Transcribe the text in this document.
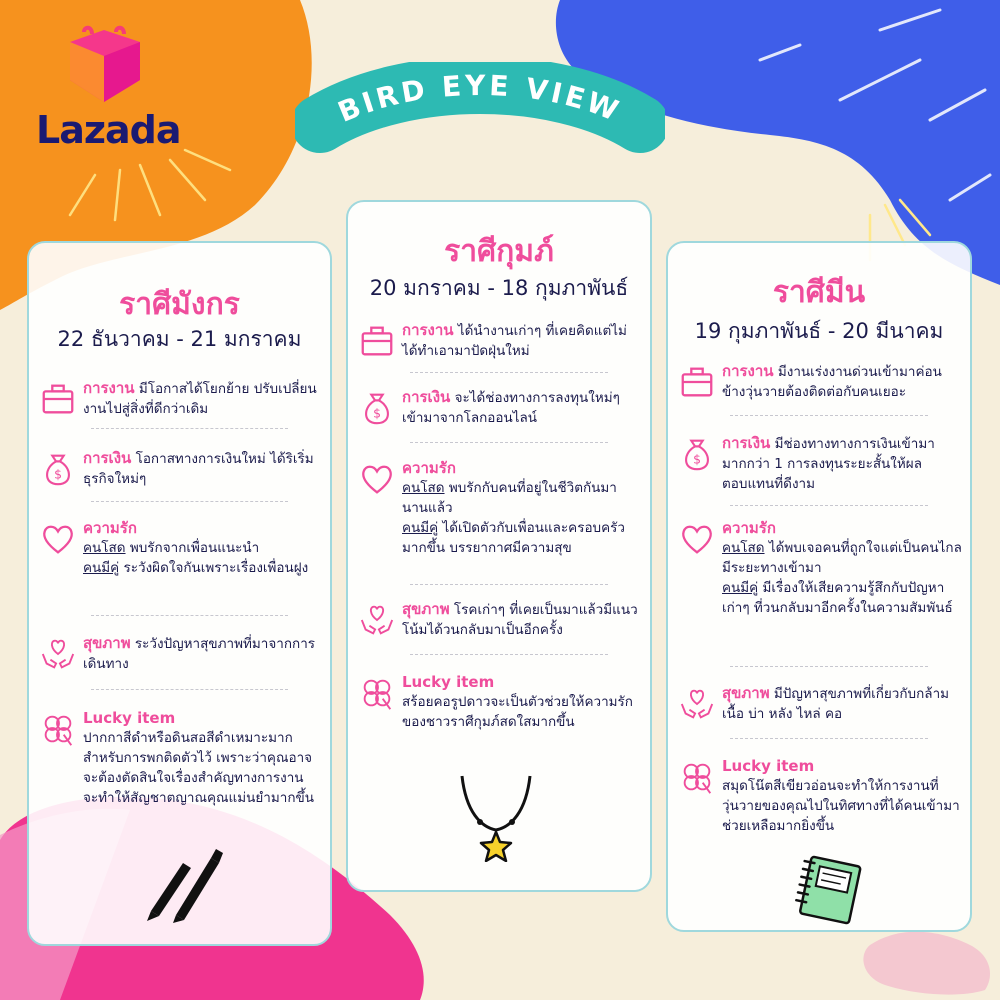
Lazada	BIRD EYE VIEW
ราศีมังกร
22 ธันวาคม - 21 มกราคม
การงาน มีโอกาสได้โยกย้าย ปรับเปลี่ยนงานไปสู่สิ่งที่ดีกว่าเดิม
$
การเงิน โอกาสทางการเงินใหม่ ได้ริเริ่มธุรกิจใหม่ๆ
ความรัก
คนโสด พบรักจากเพื่อนแนะนำ
คนมีคู่ ระวังผิดใจกันเพราะเรื่องเพื่อนฝูง
สุขภาพ ระวังปัญหาสุขภาพที่มาจากการเดินทาง
Lucky item
ปากกาสีดำหรือดินสอสีดำเหมาะมากสำหรับการพกติดตัวไว้ เพราะว่าคุณอาจจะต้องตัดสินใจเรื่องสำคัญทางการงาน จะทำให้สัญชาตญาณคุณแม่นยำมากขึ้น
ราศีกุมภ์
20 มกราคม - 18 กุมภาพันธ์
การงาน ได้นำงานเก่าๆ ที่เคยคิดแต่ไม่ได้ทำเอามาปัดฝุ่นใหม่
$
การเงิน จะได้ช่องทางการลงทุนใหม่ๆ เข้ามาจากโลกออนไลน์
ความรัก
คนโสด พบรักกับคนที่อยู่ในชีวิตกันมานานแล้ว
คนมีคู่ ได้เปิดตัวกับเพื่อนและครอบครัวมากขึ้น บรรยากาศมีความสุข
สุขภาพ โรคเก่าๆ ที่เคยเป็นมาแล้วมีแนวโน้มได้วนกลับมาเป็นอีกครั้ง
Lucky item
สร้อยคอรูปดาวจะเป็นตัวช่วยให้ความรักของชาวราศีกุมภ์สดใสมากขึ้น
ราศีมีน
19 กุมภาพันธ์ - 20 มีนาคม
การงาน มีงานเร่งงานด่วนเข้ามาค่อนข้างวุ่นวายต้องติดต่อกับคนเยอะ
$
การเงิน มีช่องทางทางการเงินเข้ามามากกว่า 1 การลงทุนระยะสั้นให้ผลตอบแทนที่ดีงาม
ความรัก
คนโสด ได้พบเจอคนที่ถูกใจแต่เป็นคนไกลมีระยะทางเข้ามา
คนมีคู่ มีเรื่องให้เสียความรู้สึกกับปัญหาเก่าๆ ที่วนกลับมาอีกครั้งในความสัมพันธ์
สุขภาพ มีปัญหาสุขภาพที่เกี่ยวกับกล้ามเนื้อ บ่า หลัง ไหล่ คอ
Lucky item
สมุดโน๊ตสีเขียวอ่อนจะทำให้การงานที่วุ่นวายของคุณไปในทิศทางที่ได้คนเข้ามาช่วยเหลือมากยิ่งขึ้น
